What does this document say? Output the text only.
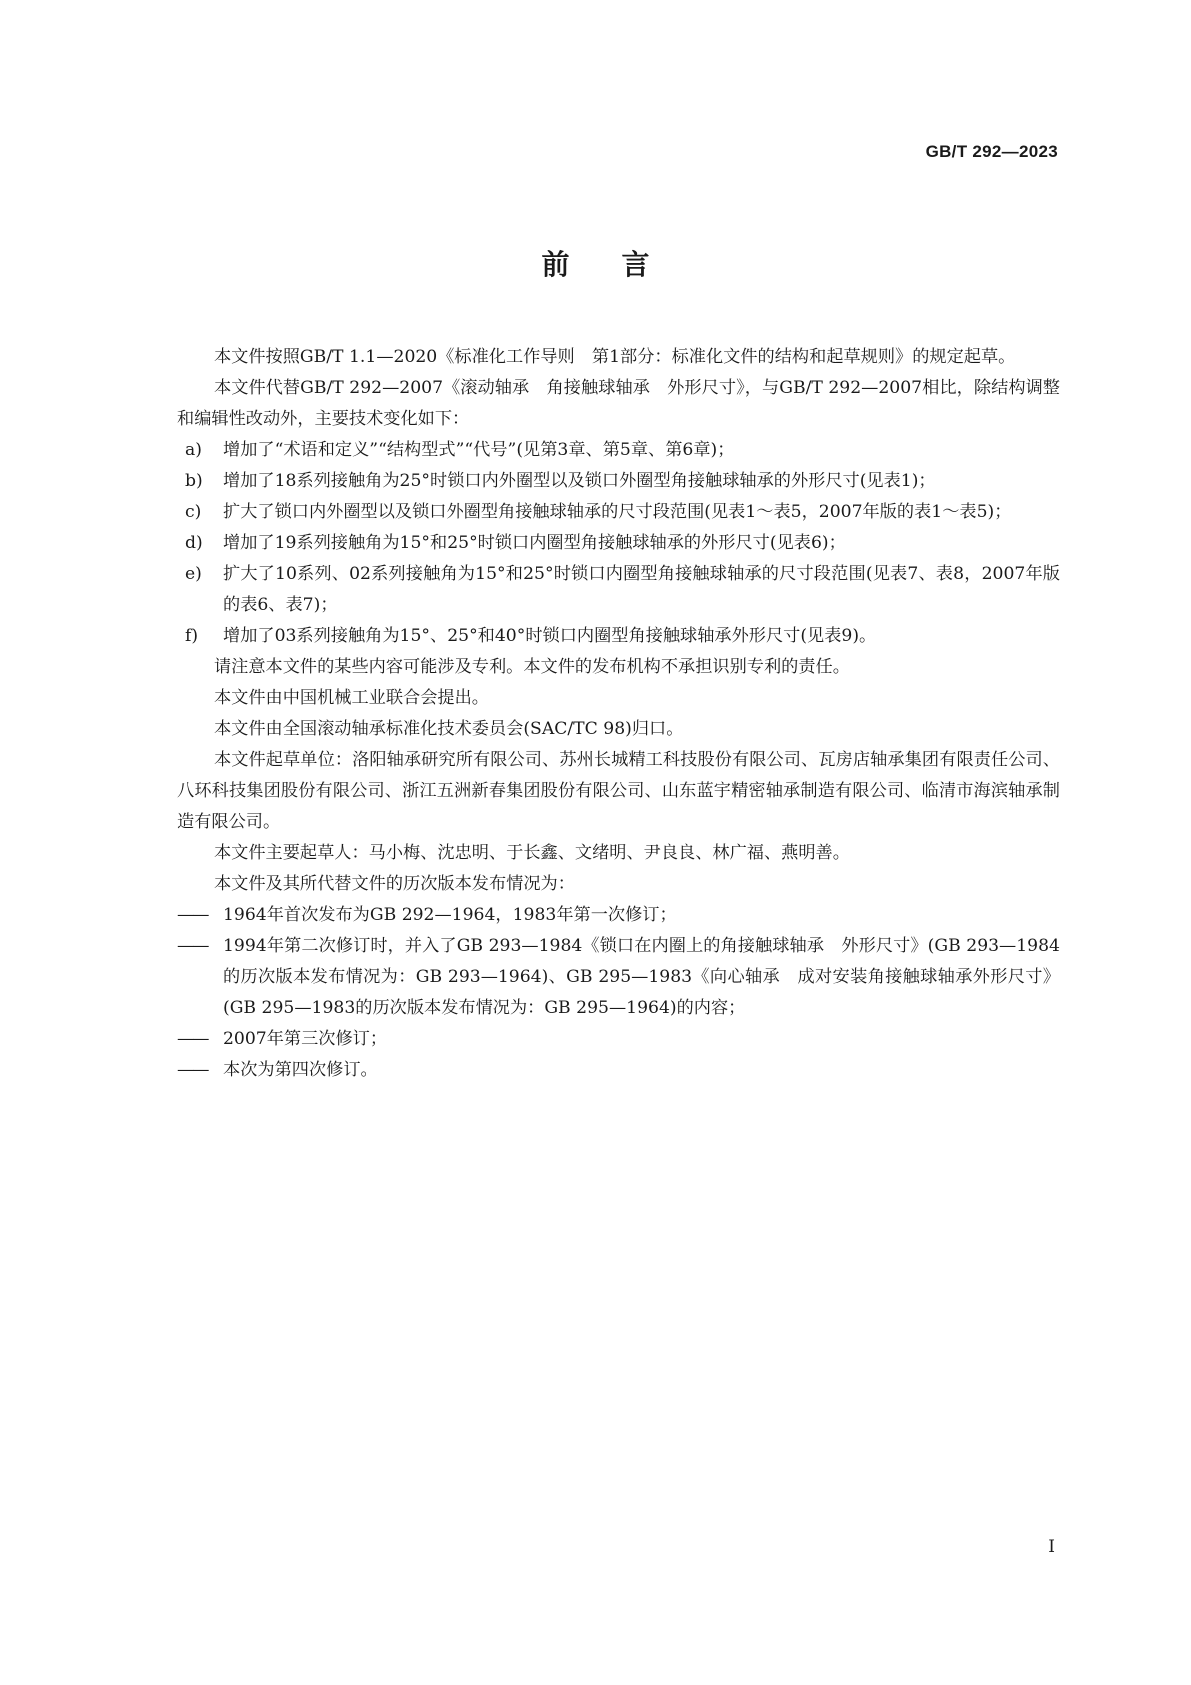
GB/T 292—2023
前言

本文件按照GB/T 1.1—2020《标准化工作导则　第1部分：标准化文件的结构和起草规则》的规定起草。

本文件代替GB/T 292—2007《滚动轴承　角接触球轴承　外形尺寸》，与GB/T 292—2007相比，除结构调整和编辑性改动外，主要技术变化如下：

a)	增加了“术语和定义”“结构型式”“代号”(见第3章、第5章、第6章)；
b)	增加了18系列接触角为25°时锁口内外圈型以及锁口外圈型角接触球轴承的外形尺寸(见表1)；
c)	扩大了锁口内外圈型以及锁口外圈型角接触球轴承的尺寸段范围(见表1～表5，2007年版的表1～表5)；
d)	增加了19系列接触角为15°和25°时锁口内圈型角接触球轴承的外形尺寸(见表6)；
e)	扩大了10系列、02系列接触角为15°和25°时锁口内圈型角接触球轴承的尺寸段范围(见表7、表8，2007年版的表6、表7)；
f)	增加了03系列接触角为15°、25°和40°时锁口内圈型角接触球轴承外形尺寸(见表9)。

请注意本文件的某些内容可能涉及专利。本文件的发布机构不承担识别专利的责任。

本文件由中国机械工业联合会提出。

本文件由全国滚动轴承标准化技术委员会(SAC/TC 98)归口。

本文件起草单位：洛阳轴承研究所有限公司、苏州长城精工科技股份有限公司、瓦房店轴承集团有限责任公司、八环科技集团股份有限公司、浙江五洲新春集团股份有限公司、山东蓝宇精密轴承制造有限公司、临清市海滨轴承制造有限公司。

本文件主要起草人：马小梅、沈忠明、于长鑫、文绪明、尹良良、林广福、燕明善。

本文件及其所代替文件的历次版本发布情况为：

—— 1964年首次发布为GB 292—1964，1983年第一次修订；
—— 1994年第二次修订时，并入了GB 293—1984《锁口在内圈上的角接触球轴承　外形尺寸》(GB 293—1984的历次版本发布情况为：GB 293—1964)、GB 295—1983《向心轴承　成对安装角接触球轴承外形尺寸》(GB 295—1983的历次版本发布情况为：GB 295—1964)的内容；
—— 2007年第三次修订；
—— 本次为第四次修订。
I
